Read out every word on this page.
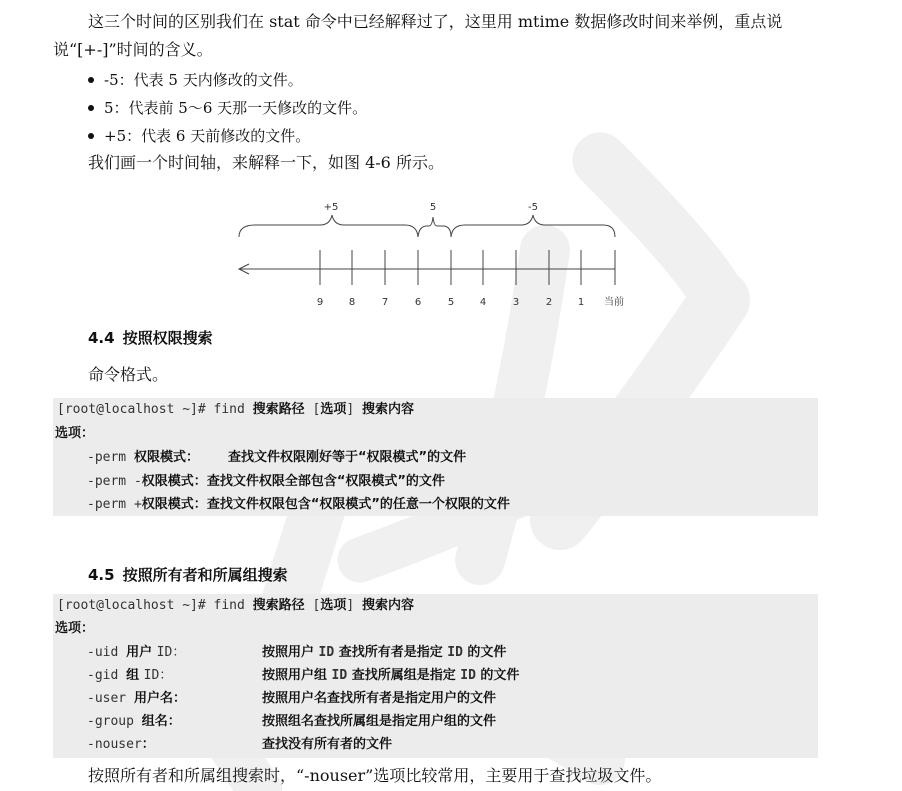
这三个时间的区别我们在 stat 命令中已经解释过了，这里用 mtime 数据修改时间来举例，重点说
说“[+-]”时间的含义。
-5：代表 5 天内修改的文件。
5：代表前 5～6 天那一天修改的文件。
+5：代表 6 天前修改的文件。
我们画一个时间轴，来解释一下，如图 4-6 所示。
+5	5	-5
9	8	7	6	5	4	3	2	1 当前
4.4 按照权限搜索
命令格式。
[root@localhost ~]# find 搜索路径 [选项] 搜索内容
选项：
-perm 权限模式： 查找文件权限刚好等于“权限模式”的文件
-perm -权限模式：查找文件权限全部包含“权限模式”的文件
-perm +权限模式：查找文件权限包含“权限模式”的任意一个权限的文件
4.5 按照所有者和所属组搜索
[root@localhost ~]# find 搜索路径 [选项] 搜索内容
选项：
-uid 用户 ID：	按照用户 ID 查找所有者是指定 ID 的文件
-gid 组 ID：	按照用户组 ID 查找所属组是指定 ID 的文件
-user 用户名：	按照用户名查找所有者是指定用户的文件
-group 组名：	按照组名查找所属组是指定用户组的文件
-nouser：	查找没有所有者的文件
按照所有者和所属组搜索时，“-nouser”选项比较常用，主要用于查找垃圾文件。
